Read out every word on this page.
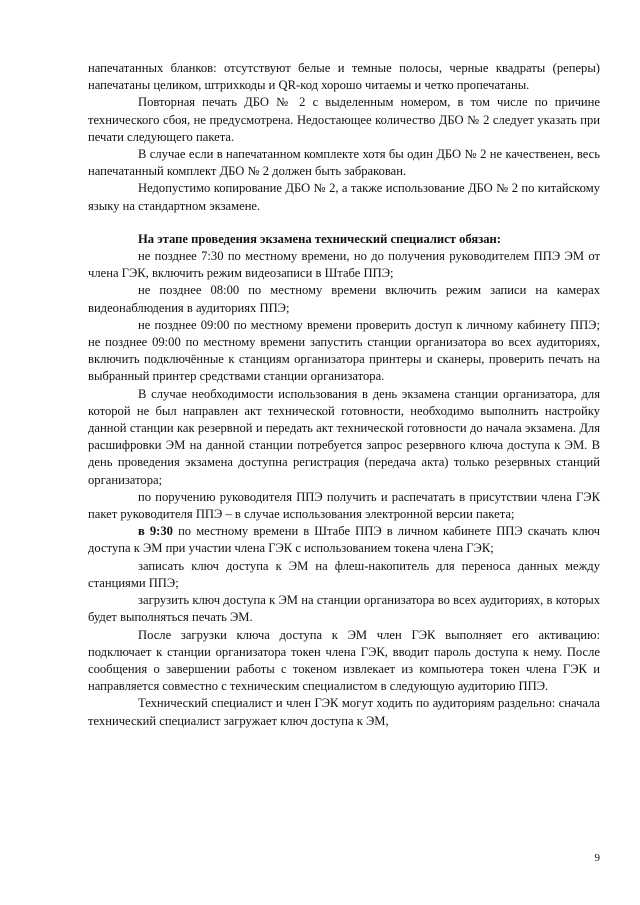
напечатанных бланков: отсутствуют белые и темные полосы, черные квадраты (реперы) напечатаны целиком, штрихкоды и QR-код хорошо читаемы и четко пропечатаны.

Повторная печать ДБО № 2 с выделенным номером, в том числе по причине технического сбоя, не предусмотрена. Недостающее количество ДБО № 2 следует указать при печати следующего пакета.

В случае если в напечатанном комплекте хотя бы один ДБО № 2 не качественен, весь напечатанный комплект ДБО № 2 должен быть забракован.

Недопустимо копирование ДБО № 2, а также использование ДБО № 2 по китайскому языку на стандартном экзамене.

На этапе проведения экзамена технический специалист обязан:

не позднее 7:30 по местному времени, но до получения руководителем ППЭ ЭМ от члена ГЭК, включить режим видеозаписи в Штабе ППЭ;

не позднее 08:00 по местному времени включить режим записи на камерах видеонаблюдения в аудиториях ППЭ;

не позднее 09:00 по местному времени проверить доступ к личному кабинету ППЭ; не позднее 09:00 по местному времени запустить станции организатора во всех аудиториях, включить подключённые к станциям организатора принтеры и сканеры, проверить печать на выбранный принтер средствами станции организатора.

В случае необходимости использования в день экзамена станции организатора, для которой не был направлен акт технической готовности, необходимо выполнить настройку данной станции как резервной и передать акт технической готовности до начала экзамена. Для расшифровки ЭМ на данной станции потребуется запрос резервного ключа доступа к ЭМ. В день проведения экзамена доступна регистрация (передача акта) только резервных станций организатора;

по поручению руководителя ППЭ получить и распечатать в присутствии члена ГЭК пакет руководителя ППЭ – в случае использования электронной версии пакета;

в 9:30 по местному времени в Штабе ППЭ в личном кабинете ППЭ скачать ключ доступа к ЭМ при участии члена ГЭК с использованием токена члена ГЭК;

записать ключ доступа к ЭМ на флеш-накопитель для переноса данных между станциями ППЭ;

загрузить ключ доступа к ЭМ на станции организатора во всех аудиториях, в которых будет выполняться печать ЭМ.

После загрузки ключа доступа к ЭМ член ГЭК выполняет его активацию: подключает к станции организатора токен члена ГЭК, вводит пароль доступа к нему. После сообщения о завершении работы с токеном извлекает из компьютера токен члена ГЭК и направляется совместно с техническим специалистом в следующую аудиторию ППЭ.

Технический специалист и член ГЭК могут ходить по аудиториям раздельно: сначала технический специалист загружает ключ доступа к ЭМ,

9
